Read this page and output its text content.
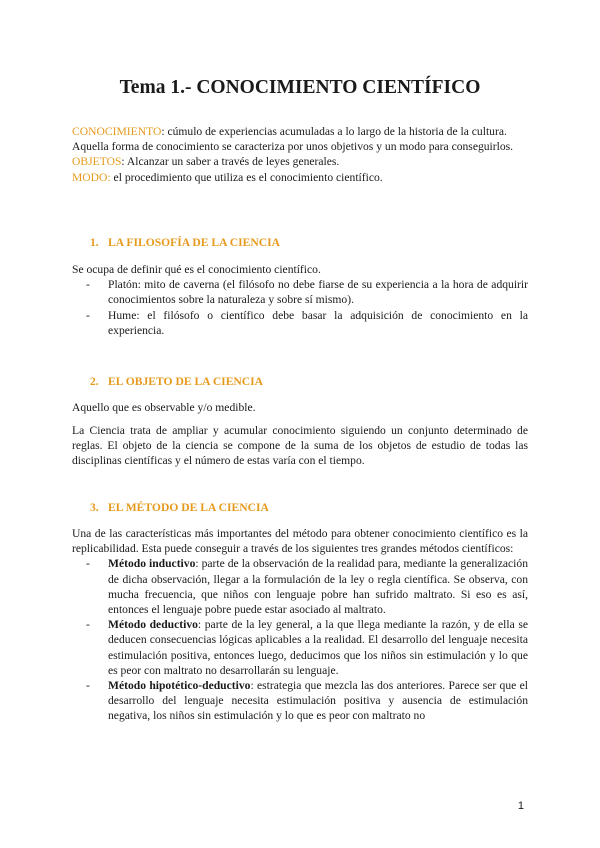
Tema 1.- CONOCIMIENTO CIENTÍFICO

CONOCIMIENTO: cúmulo de experiencias acumuladas a lo largo de la historia de la cultura.

Aquella forma de conocimiento se caracteriza por unos objetivos y un modo para conseguirlos.

OBJETOS: Alcanzar un saber a través de leyes generales.

MODO: el procedimiento que utiliza es el conocimiento científico.

1. LA FILOSOFÍA DE LA CIENCIA

Se ocupa de definir qué es el conocimiento científico.

- Platón: mito de caverna (el filósofo no debe fiarse de su experiencia a la hora de adquirir conocimientos sobre la naturaleza y sobre sí mismo).
- Hume: el filósofo o científico debe basar la adquisición de conocimiento en la experiencia.
2. EL OBJETO DE LA CIENCIA

Aquello que es observable y/o medible.

La Ciencia trata de ampliar y acumular conocimiento siguiendo un conjunto determinado de reglas. El objeto de la ciencia se compone de la suma de los objetos de estudio de todas las disciplinas científicas y el número de estas varía con el tiempo.

3. EL MÉTODO DE LA CIENCIA

Una de las características más importantes del método para obtener conocimiento científico es la replicabilidad. Esta puede conseguir a través de los siguientes tres grandes métodos científicos:

- Método inductivo: parte de la observación de la realidad para, mediante la generalización de dicha observación, llegar a la formulación de la ley o regla científica. Se observa, con mucha frecuencia, que niños con lenguaje pobre han sufrido maltrato. Si eso es así, entonces el lenguaje pobre puede estar asociado al maltrato.
- Método deductivo: parte de la ley general, a la que llega mediante la razón, y de ella se deducen consecuencias lógicas aplicables a la realidad. El desarrollo del lenguaje necesita estimulación positiva, entonces luego, deducimos que los niños sin estimulación y lo que es peor con maltrato no desarrollarán su lenguaje.
- Método hipotético-deductivo: estrategia que mezcla las dos anteriores. Parece ser que el desarrollo del lenguaje necesita estimulación positiva y ausencia de estimulación negativa, los niños sin estimulación y lo que es peor con maltrato no
1
